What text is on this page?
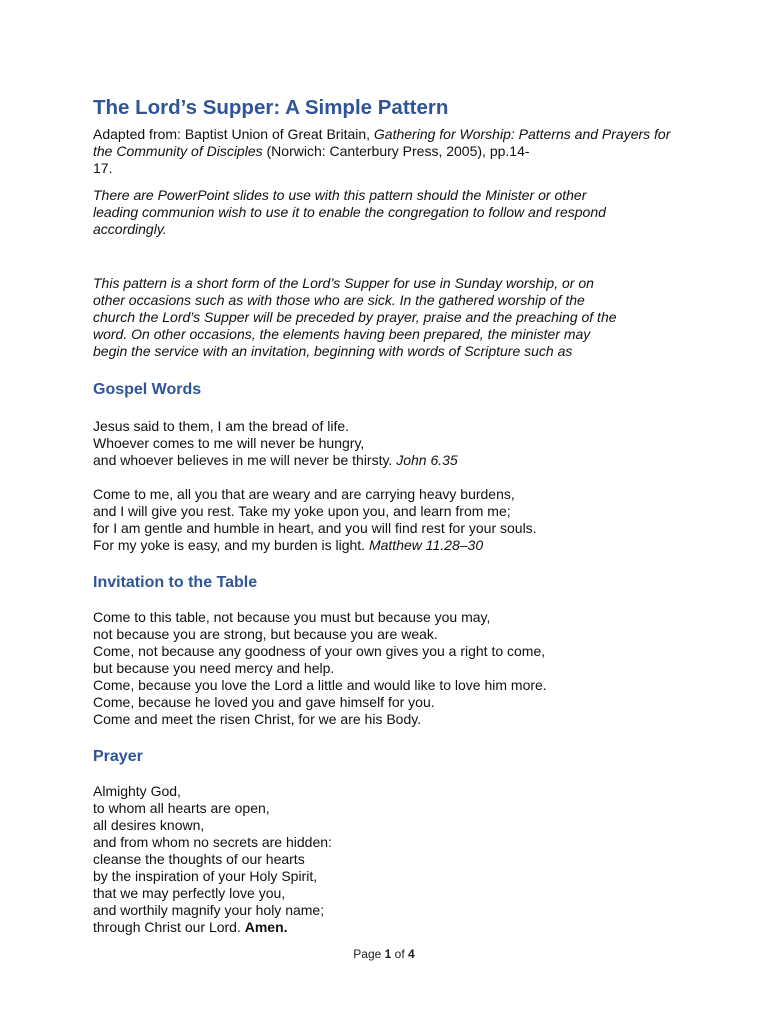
The Lord’s Supper: A Simple Pattern

Adapted from: Baptist Union of Great Britain, Gathering for Worship: Patterns and Prayers for the Community of Disciples (Norwich: Canterbury Press, 2005), pp.14-
17.

There are PowerPoint slides to use with this pattern should the Minister or other
leading communion wish to use it to enable the congregation to follow and respond
accordingly.
This pattern is a short form of the Lord’s Supper for use in Sunday worship, or on
other occasions such as with those who are sick. In the gathered worship of the
church the Lord’s Supper will be preceded by prayer, praise and the preaching of the
word. On other occasions, the elements having been prepared, the minister may
begin the service with an invitation, beginning with words of Scripture such as
Gospel Words
Jesus said to them, I am the bread of life.
Whoever comes to me will never be hungry,
and whoever believes in me will never be thirsty. John 6.35
Come to me, all you that are weary and are carrying heavy burdens,
and I will give you rest. Take my yoke upon you, and learn from me;
for I am gentle and humble in heart, and you will find rest for your souls.
For my yoke is easy, and my burden is light. Matthew 11.28–30
Invitation to the Table
Come to this table, not because you must but because you may,
not because you are strong, but because you are weak.
Come, not because any goodness of your own gives you a right to come,
but because you need mercy and help.
Come, because you love the Lord a little and would like to love him more.
Come, because he loved you and gave himself for you.
Come and meet the risen Christ, for we are his Body.
Prayer
Almighty God,
to whom all hearts are open,
all desires known,
and from whom no secrets are hidden:
cleanse the thoughts of our hearts
by the inspiration of your Holy Spirit,
that we may perfectly love you,
and worthily magnify your holy name;
through Christ our Lord. Amen.
Page 1 of 4
